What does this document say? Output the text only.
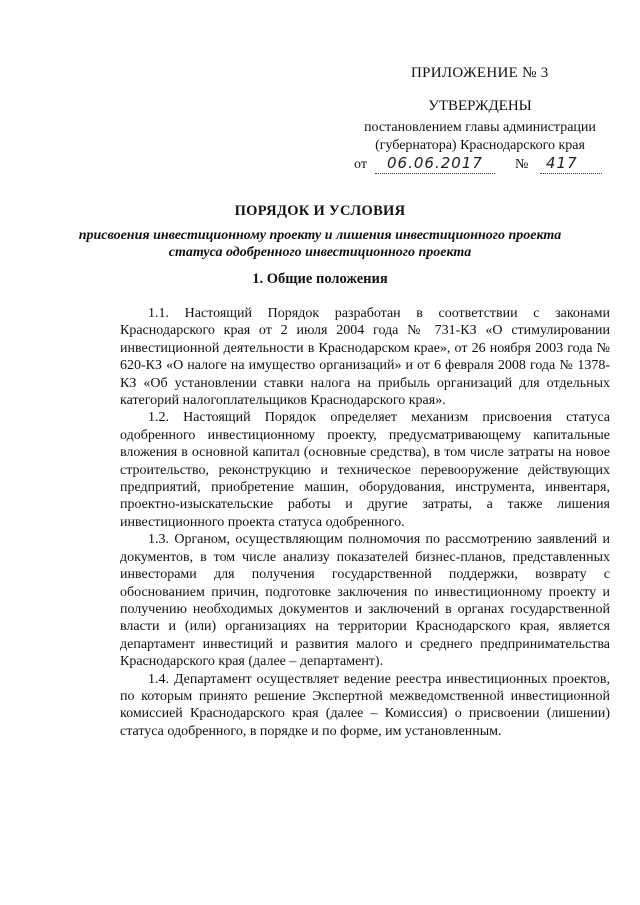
ПРИЛОЖЕНИЕ № 3
УТВЕРЖДЕНЫ
постановлением главы администрации
(губернатора) Краснодарского края
от 06.06.2017 № 417
ПОРЯДОК И УСЛОВИЯ
присвоения инвестиционному проекту и лишения инвестиционного проекта статуса одобренного инвестиционного проекта
1. Общие положения

1.1. Настоящий Порядок разработан в соответствии с законами Краснодарского края от 2 июля 2004 года № 731-КЗ «О стимулировании инвестиционной деятельности в Краснодарском крае», от 26 ноября 2003 года № 620-КЗ «О налоге на имущество организаций» и от 6 февраля 2008 года № 1378-КЗ «Об установлении ставки налога на прибыль организаций для отдельных категорий налогоплательщиков Краснодарского края».

1.2. Настоящий Порядок определяет механизм присвоения статуса одобренного инвестиционному проекту, предусматривающему капитальные вложения в основной капитал (основные средства), в том числе затраты на новое строительство, реконструкцию и техническое перевооружение действующих предприятий, приобретение машин, оборудования, инструмента, инвентаря, проектно-изыскательские работы и другие затраты, а также лишения инвестиционного проекта статуса одобренного.

1.3. Органом, осуществляющим полномочия по рассмотрению заявлений и документов, в том числе анализу показателей бизнес-планов, представленных инвесторами для получения государственной поддержки, возврату с обоснованием причин, подготовке заключения по инвестиционному проекту и получению необходимых документов и заключений в органах государственной власти и (или) организациях на территории Краснодарского края, является департамент инвестиций и развития малого и среднего предпринимательства Краснодарского края (далее – департамент).

1.4. Департамент осуществляет ведение реестра инвестиционных проектов, по которым принято решение Экспертной межведомственной инвестиционной комиссией Краснодарского края (далее – Комиссия) о присвоении (лишении) статуса одобренного, в порядке и по форме, им установленным.
